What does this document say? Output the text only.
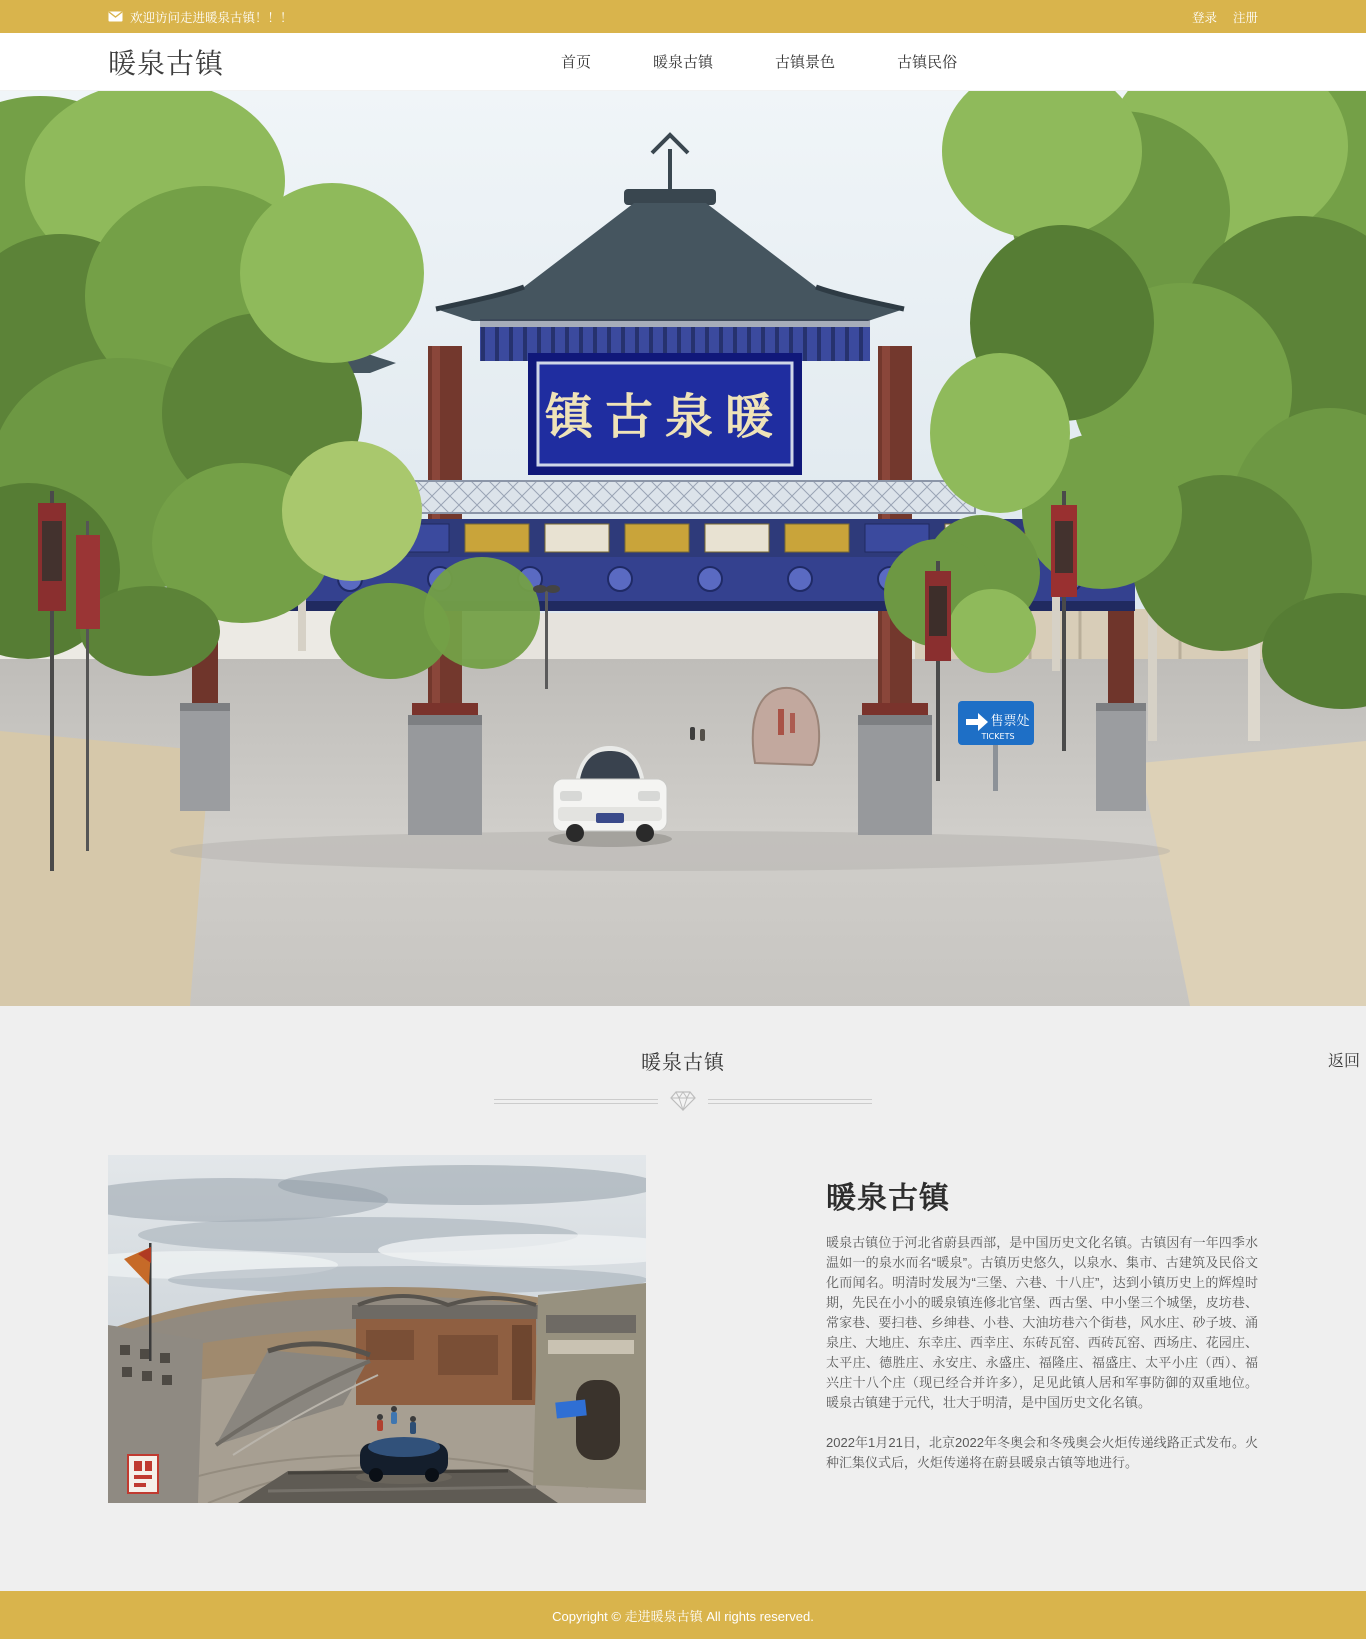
欢迎访问走进暖泉古镇！！！	登录 注册
暖泉古镇	首页	暖泉古镇	古镇景色	古镇民俗
镇古泉暖
售票处
TICKETS
暖泉古镇	返回
暖泉古镇

暖泉古镇位于河北省蔚县西部，是中国历史文化名镇。古镇因有一年四季水温如一的泉水而名“暖泉”。古镇历史悠久，以泉水、集市、古建筑及民俗文化而闻名。明清时发展为“三堡、六巷、十八庄”，达到小镇历史上的辉煌时期，先民在小小的暖泉镇连修北官堡、西古堡、中小堡三个城堡，皮坊巷、常家巷、要扫巷、乡绅巷、小巷、大油坊巷六个街巷，风水庄、砂子坡、涌泉庄、大地庄、东幸庄、西幸庄、东砖瓦窑、西砖瓦窑、西场庄、花园庄、太平庄、德胜庄、永安庄、永盛庄、福隆庄、福盛庄、太平小庄（西）、福兴庄十八个庄（现已经合并许多），足见此镇人居和军事防御的双重地位。暖泉古镇建于元代，壮大于明清，是中国历史文化名镇。

2022年1月21日，北京2022年冬奥会和冬残奥会火炬传递线路正式发布。火种汇集仪式后，火炬传递将在蔚县暖泉古镇等地进行。

Copyright © 走进暖泉古镇 All rights reserved.
